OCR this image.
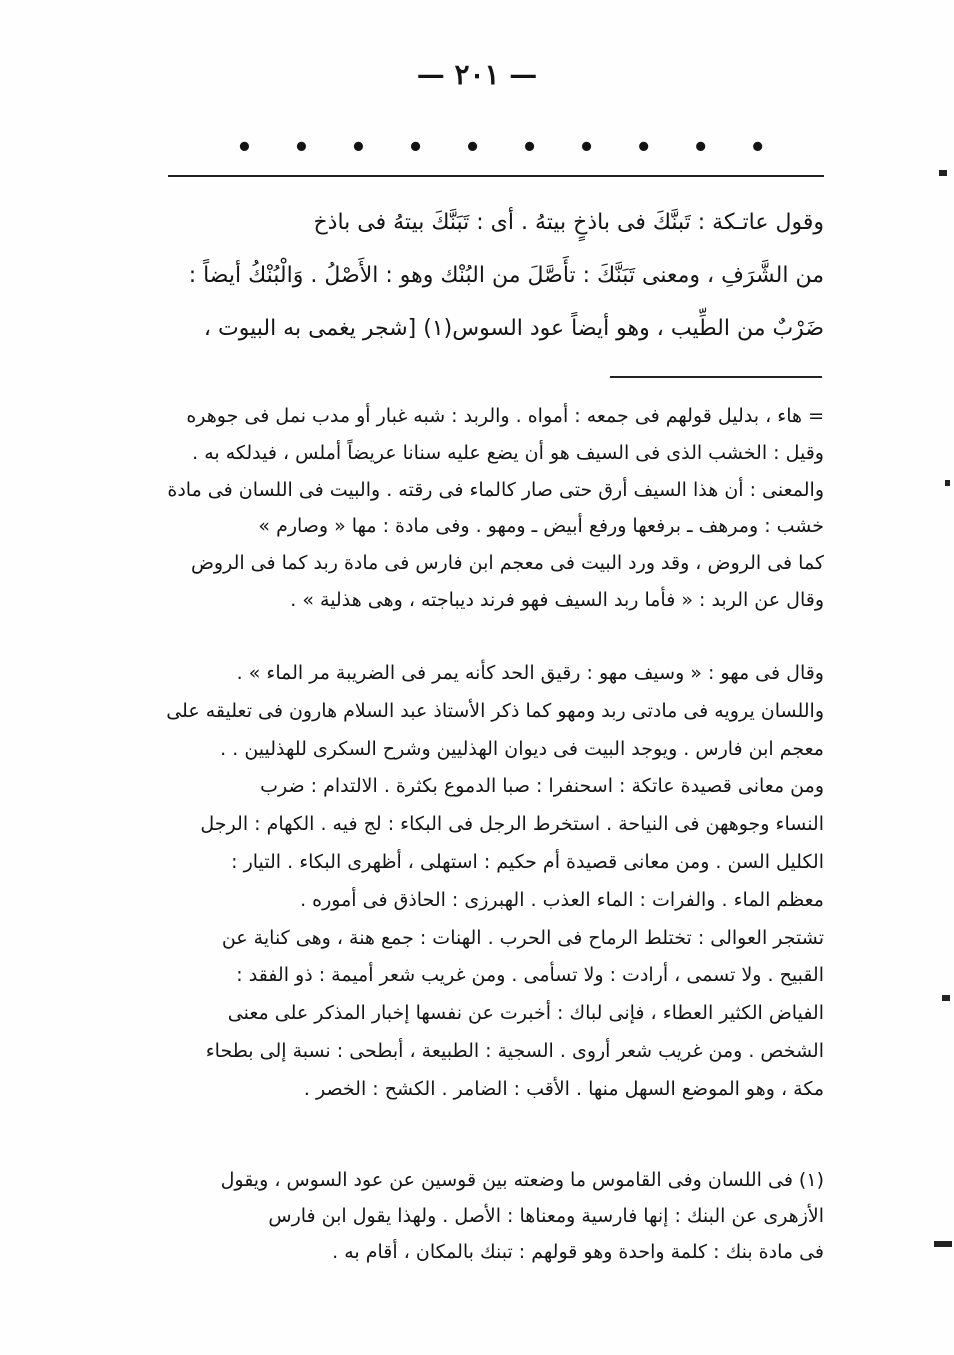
— ٢٠١ —
•
•
•
•
•
•
•
•
•
•
وقول عاتـكة : تَبنَّكَ فى باذخٍ بيتهُ . أى : تَبَنَّكَ بيتهُ فى باذخ
من الشَّرَفِ ، ومعنى تَبَنَّكَ : تأَصَّلَ من البُنْك وهو : الأَصْلُ . وَالْبُنْكُ أيضاً :
ضَرْبٌ من الطِّيب ، وهو أيضاً عود السوس(١) [شجر يغمى به البيوت ،
= هاء ، بدليل قولهم فى جمعه : أمواه . والربد : شبه غبار أو مدب نمل فى جوهره
وقيل : الخشب الذى فى السيف هو أن يضع عليه سنانا عريضاً أملس ، فيدلكه به .
والمعنى : أن هذا السيف أرق حتى صار كالماء فى رقته . والبيت فى اللسان فى مادة
خشب : ومرهف ـ برفعها ورفع أبيض ـ ومهو . وفى مادة : مها « وصارم »
كما فى الروض ، وقد ورد البيت فى معجم ابن فارس فى مادة ربد كما فى الروض
وقال عن الربد : « فأما ربد السيف فهو فرند ديباجته ، وهى هذلية » .
وقال فى مهو : « وسيف مهو : رقيق الحد كأنه يمر فى الضريبة مر الماء » .
واللسان يرويه فى مادتى ربد ومهو كما ذكر الأستاذ عبد السلام هارون فى تعليقه على
معجم ابن فارس . ويوجد البيت فى ديوان الهذليين وشرح السكرى للهذليين . .
ومن معانى قصيدة عاتكة : اسحنفرا : صبا الدموع بكثرة . الالتدام : ضرب
النساء وجوههن فى النياحة . استخرط الرجل فى البكاء : لج فيه . الكهام : الرجل
الكليل السن . ومن معانى قصيدة أم حكيم : استهلى ، أظهرى البكاء . التيار :
معظم الماء . والفرات : الماء العذب . الهبرزى : الحاذق فى أموره .
تشتجر العوالى : تختلط الرماح فى الحرب . الهنات : جمع هنة ، وهى كناية عن
القبيح . ولا تسمى ، أرادت : ولا تسأمى . ومن غريب شعر أميمة : ذو الفقد :
الفياض الكثير العطاء ، فإنى لباك : أخبرت عن نفسها إخبار المذكر على معنى
الشخص . ومن غريب شعر أروى . السجية : الطبيعة ، أبطحى : نسبة إلى بطحاء
مكة ، وهو الموضع السهل منها . الأقب : الضامر . الكشح : الخصر .
(١) فى اللسان وفى القاموس ما وضعته بين قوسين عن عود السوس ، ويقول
الأزهرى عن البنك : إنها فارسية ومعناها : الأصل . ولهذا يقول ابن فارس
فى مادة بنك : كلمة واحدة وهو قولهم : تبنك بالمكان ، أقام به .
